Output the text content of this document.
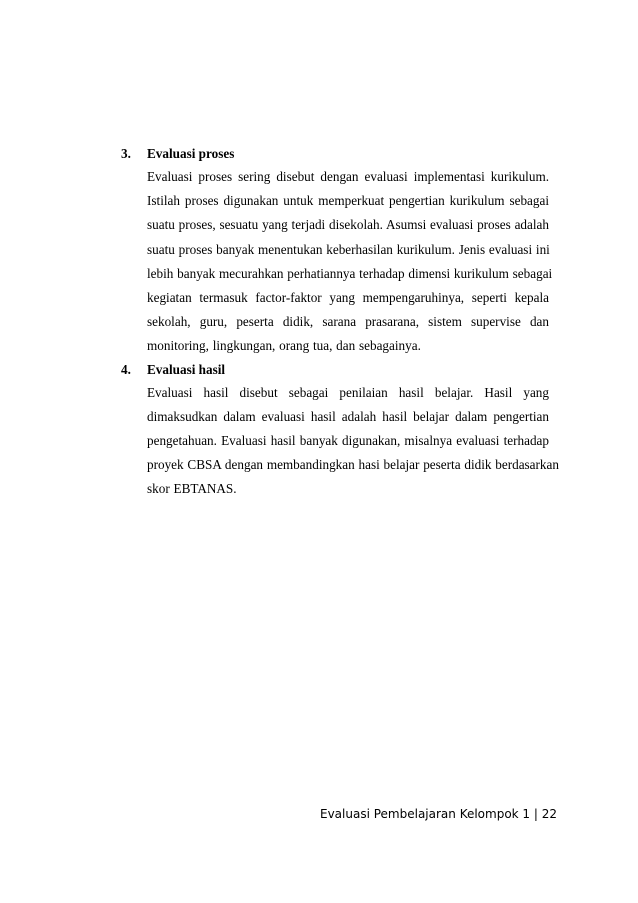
3.	Evaluasi proses

Evaluasi proses sering disebut dengan evaluasi implementasi kurikulum.
Istilah proses digunakan untuk memperkuat pengertian kurikulum sebagai
suatu proses, sesuatu yang terjadi disekolah. Asumsi evaluasi proses adalah
suatu proses banyak menentukan keberhasilan kurikulum. Jenis evaluasi ini
lebih banyak mecurahkan perhatiannya terhadap dimensi kurikulum sebagai
kegiatan termasuk factor-faktor yang mempengaruhinya, seperti kepala
sekolah, guru, peserta didik, sarana prasarana, sistem supervise dan
monitoring, lingkungan, orang tua, dan sebagainya.

4.	Evaluasi hasil

Evaluasi hasil disebut sebagai penilaian hasil belajar. Hasil yang
dimaksudkan dalam evaluasi hasil adalah hasil belajar dalam pengertian
pengetahuan. Evaluasi hasil banyak digunakan, misalnya evaluasi terhadap
proyek CBSA dengan membandingkan hasi belajar peserta didik berdasarkan
skor EBTANAS.

Evaluasi Pembelajaran Kelompok 1 | 22
